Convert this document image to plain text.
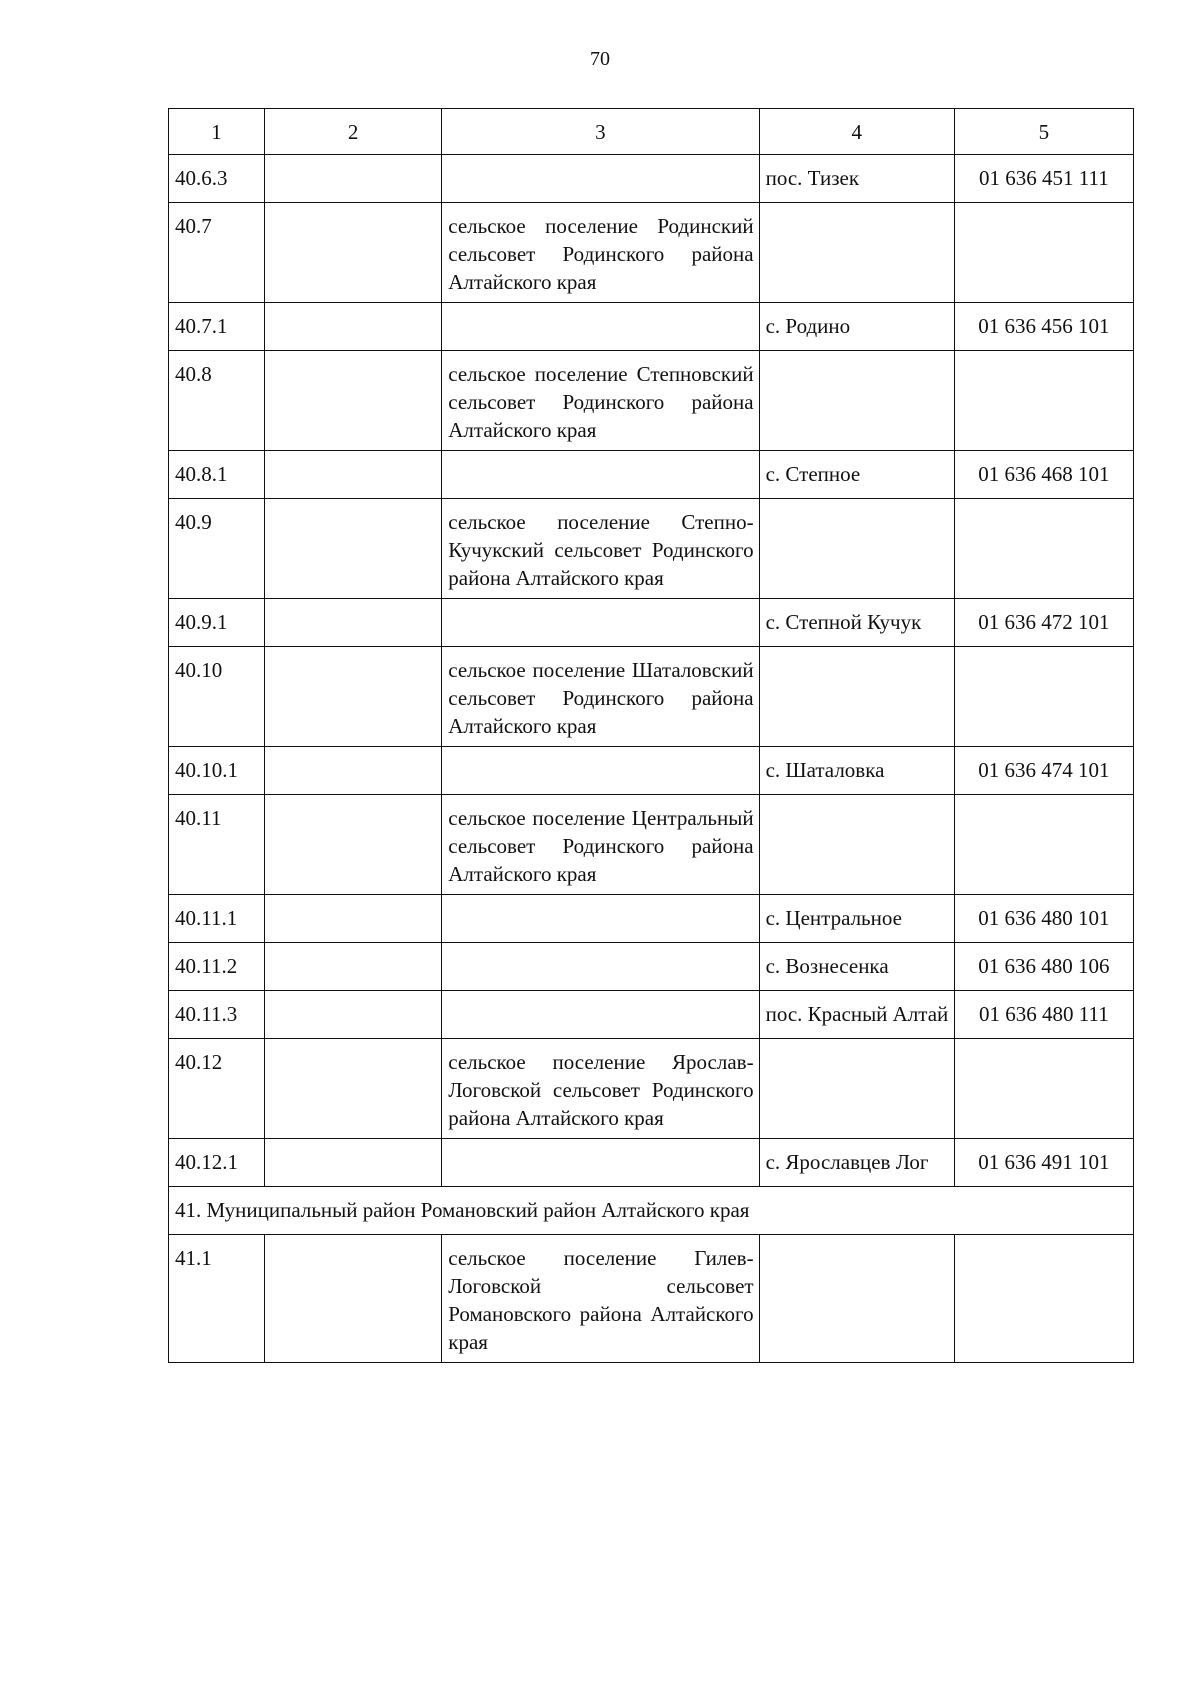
70
1	2	3	4	5
40.6.3			пос. Тизек	01 636 451 111
40.7		сельское поселение Родинский сельсовет Родинского района Алтайского края		
40.7.1			с. Родино	01 636 456 101
40.8		сельское поселение Степновский сельсовет Родинского района Алтайского края		
40.8.1			с. Степное	01 636 468 101
40.9		сельское поселение Степно-Кучукский сельсовет Родинского района Алтайского края		
40.9.1			с. Степной Кучук	01 636 472 101
40.10		сельское поселение Шаталовский сельсовет Родинского района Алтайского края		
40.10.1			с. Шаталовка	01 636 474 101
40.11		сельское поселение Центральный сельсовет Родинского района Алтайского края		
40.11.1			с. Центральное	01 636 480 101
40.11.2			с. Вознесенка	01 636 480 106
40.11.3			пос. Красный Алтай	01 636 480 111
40.12		сельское поселение Ярослав-Логовской сельсовет Родинского района Алтайского края		
40.12.1			с. Ярославцев Лог	01 636 491 101
41. Муниципальный район Романовский район Алтайского края				
41.1		сельское поселение Гилев-Логовской сельсовет Романовского района Алтайского края		
